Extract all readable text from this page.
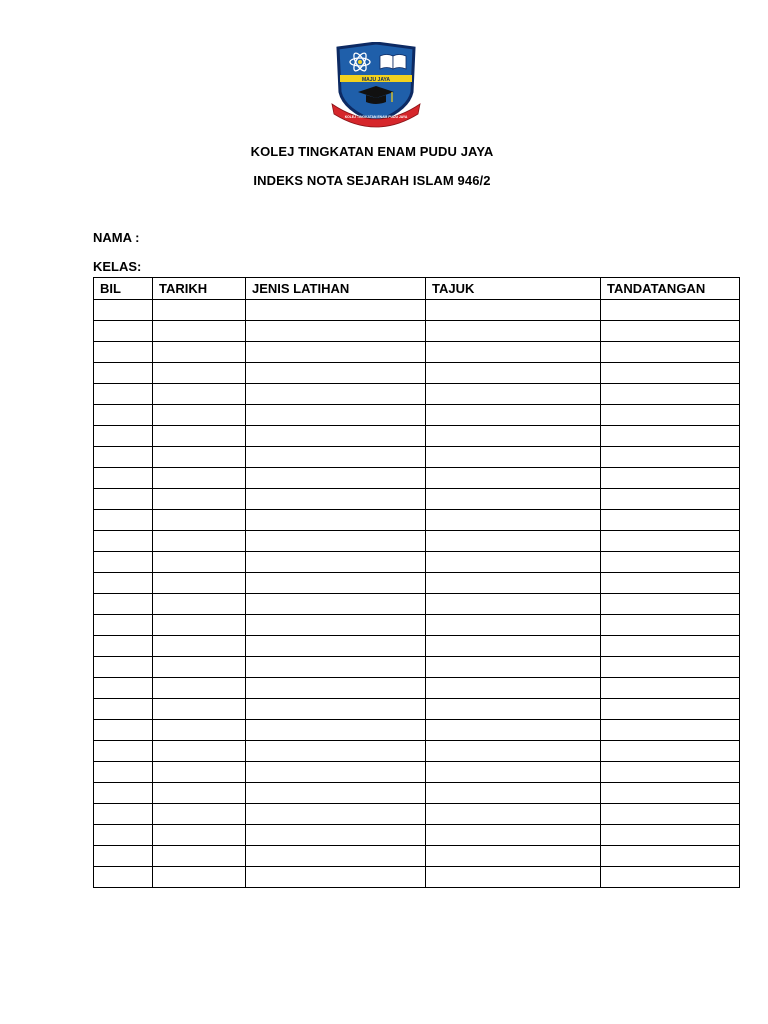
MAJU JAYA
KOLEJ TINGKATAN ENAM PUDU JAYA
KOLEJ TINGKATAN ENAM PUDU JAYA
INDEKS NOTA SEJARAH ISLAM 946/2
NAMA :
KELAS:
BIL	TARIKH	JENIS LATIHAN	TAJUK	TANDATANGAN
